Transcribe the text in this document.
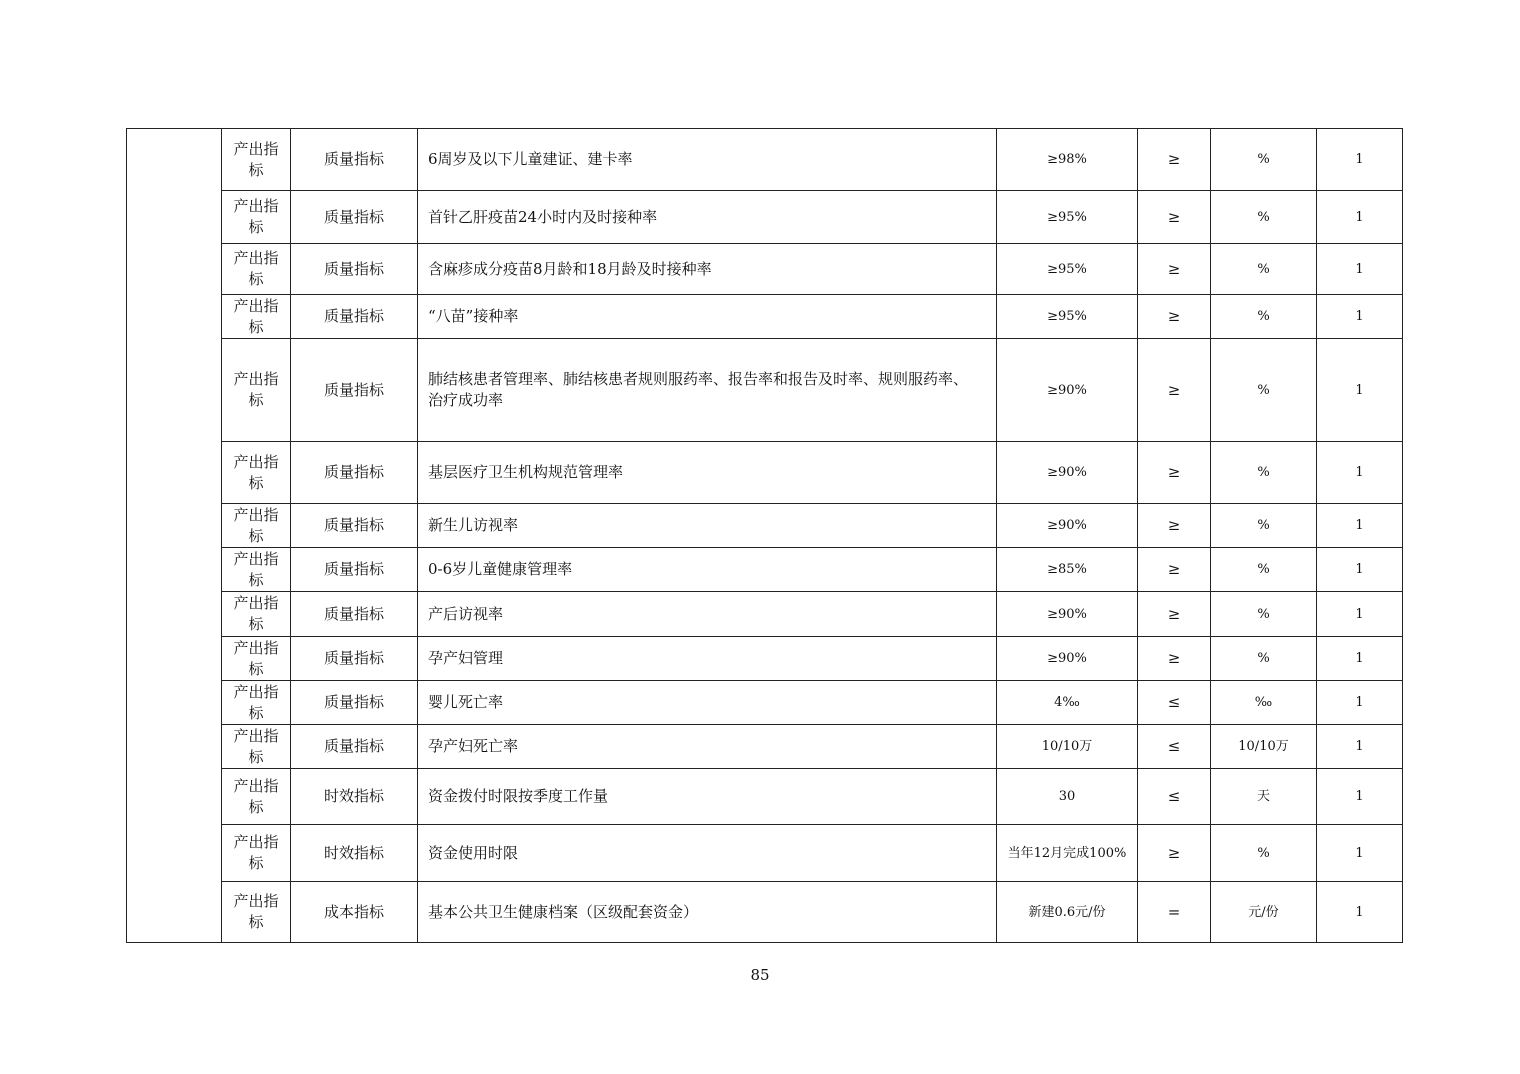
	产出指标	质量指标	6周岁及以下儿童建证、建卡率	≥98%	≥	%	1
	产出指标	质量指标	首针乙肝疫苗24小时内及时接种率	≥95%	≥	%	1
	产出指标	质量指标	含麻疹成分疫苗8月龄和18月龄及时接种率	≥95%	≥	%	1
	产出指标	质量指标	“八苗”接种率	≥95%	≥	%	1
	产出指标	质量指标	肺结核患者管理率、肺结核患者规则服药率、报告率和报告及时率、规则服药率、治疗成功率	≥90%	≥	%	1
	产出指标	质量指标	基层医疗卫生机构规范管理率	≥90%	≥	%	1
	产出指标	质量指标	新生儿访视率	≥90%	≥	%	1
	产出指标	质量指标	0-6岁儿童健康管理率	≥85%	≥	%	1
	产出指标	质量指标	产后访视率	≥90%	≥	%	1
	产出指标	质量指标	孕产妇管理	≥90%	≥	%	1
	产出指标	质量指标	婴儿死亡率	4‰	≤	‰	1
	产出指标	质量指标	孕产妇死亡率	10/10万	≤	10/10万	1
	产出指标	时效指标	资金拨付时限按季度工作量	30	≤	天	1
	产出指标	时效指标	资金使用时限	当年12月完成100%	≥	%	1
	产出指标	成本指标	基本公共卫生健康档案（区级配套资金）	新建0.6元/份	=	元/份	1
85
